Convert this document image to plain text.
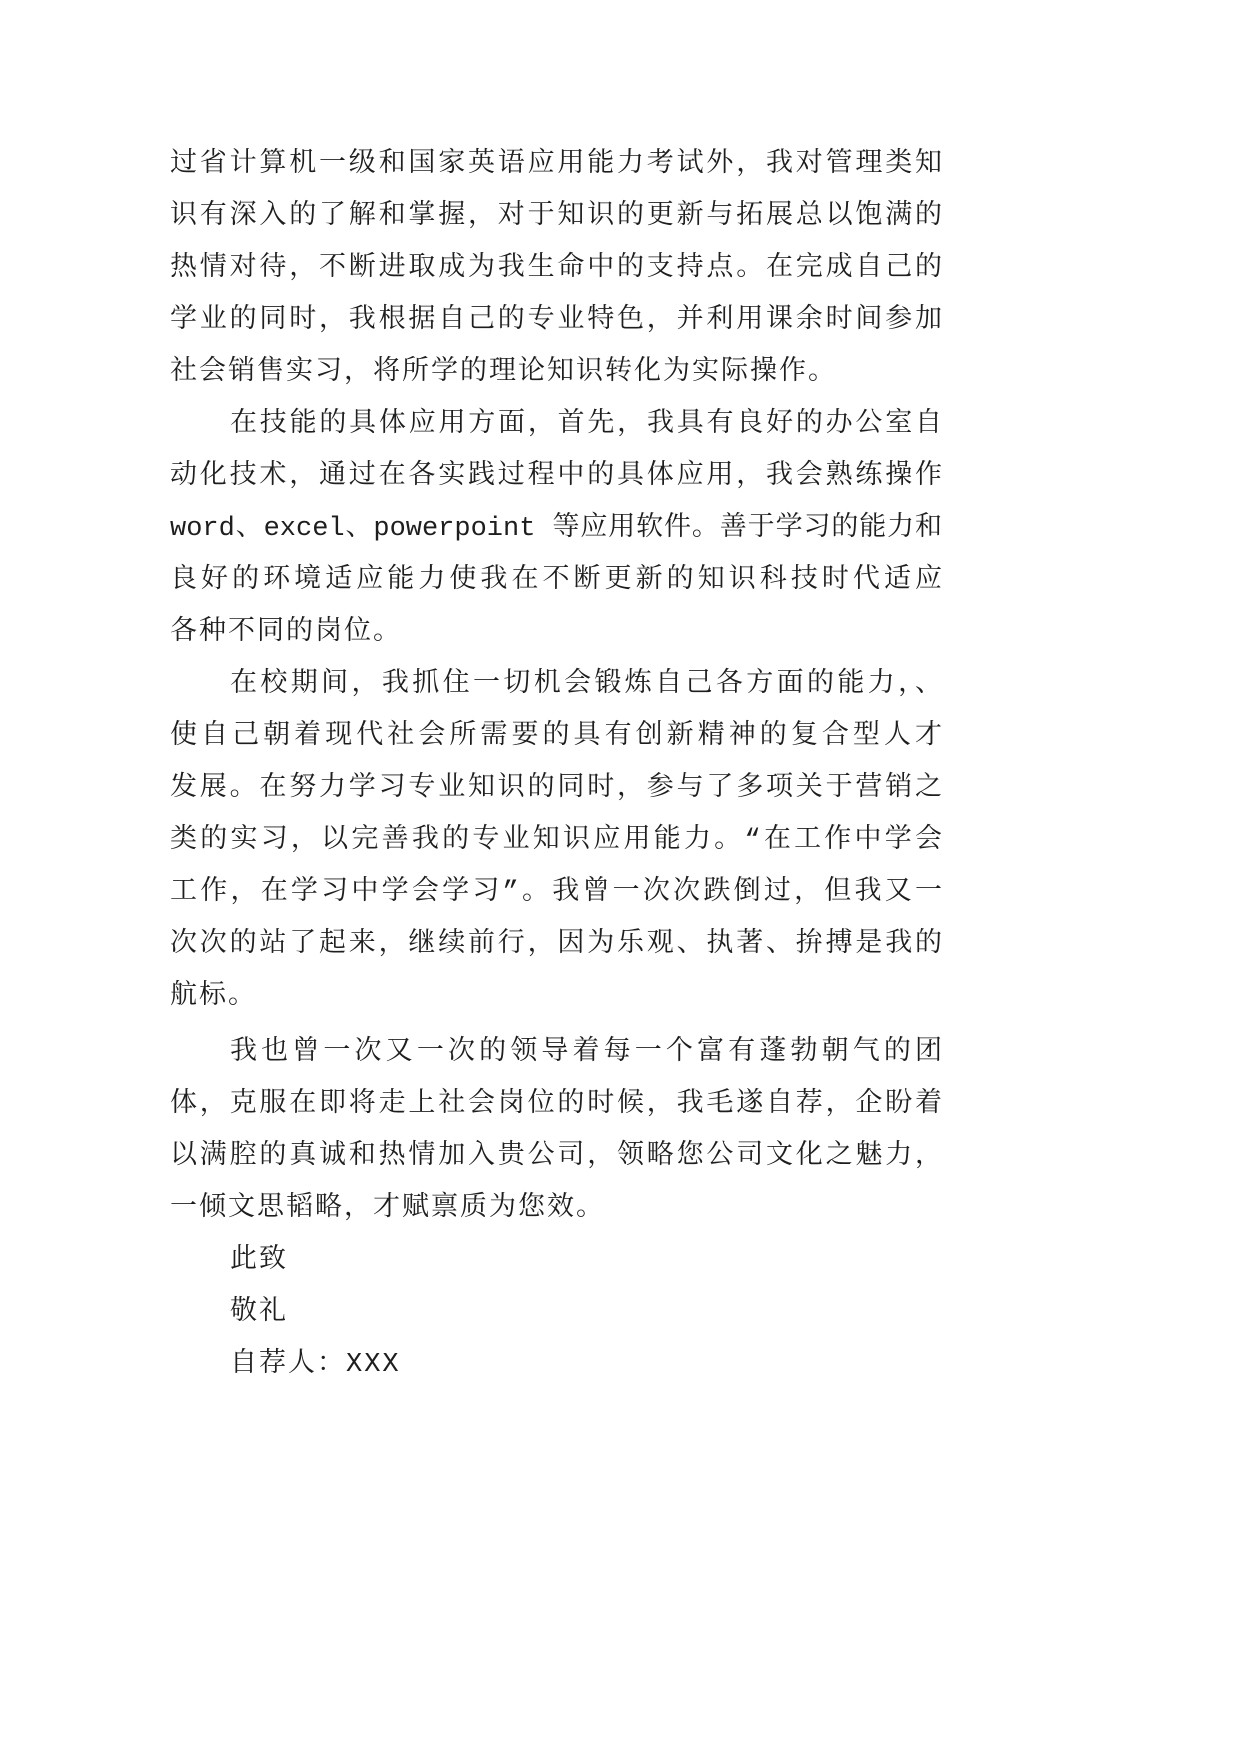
过省计算机一级和国家英语应用能力考试外，我对管理类知
识有深入的了解和掌握，对于知识的更新与拓展总以饱满的
热情对待，不断进取成为我生命中的支持点。在完成自己的
学业的同时，我根据自己的专业特色，并利用课余时间参加
社会销售实习，将所学的理论知识转化为实际操作。
在技能的具体应用方面，首先，我具有良好的办公室自
动化技术，通过在各实践过程中的具体应用，我会熟练操作
word、excel、powerpoint 等应用软件。善于学习的能力和
良好的环境适应能力使我在不断更新的知识科技时代适应
各种不同的岗位。
在校期间，我抓住一切机会锻炼自己各方面的能力，、
使自己朝着现代社会所需要的具有创新精神的复合型人才
发展。在努力学习专业知识的同时，参与了多项关于营销之
类的实习，以完善我的专业知识应用能力。“在工作中学会
工作，在学习中学会学习”。我曾一次次跌倒过，但我又一
次次的站了起来，继续前行，因为乐观、执著、拚搏是我的
航标。
我也曾一次又一次的领导着每一个富有蓬勃朝气的团
体，克服在即将走上社会岗位的时候，我毛遂自荐，企盼着
以满腔的真诚和热情加入贵公司，领略您公司文化之魅力，
一倾文思韬略，才赋禀质为您效。
此致
敬礼
自荐人：XXX
